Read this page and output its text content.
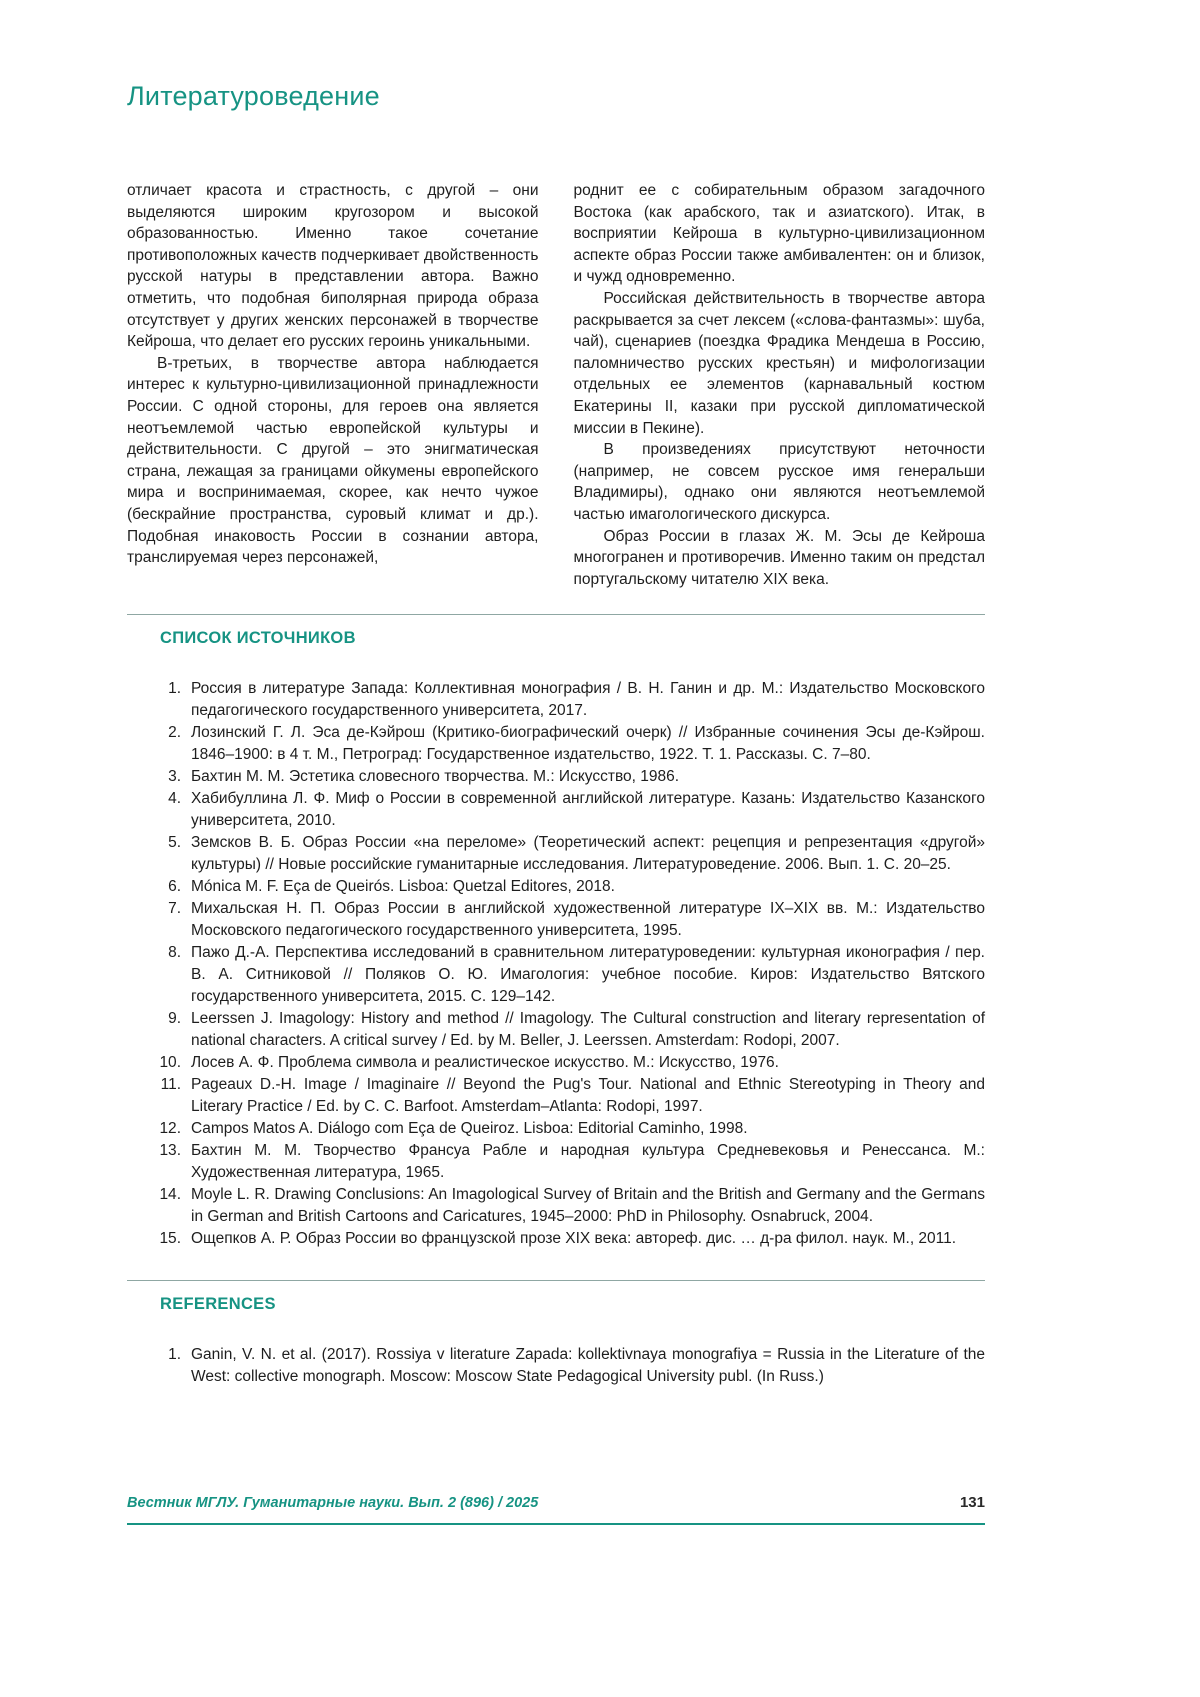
Литературоведение

отличает красота и страстность, с другой – они выделяются широким кругозором и высокой образованностью. Именно такое сочетание противоположных качеств подчеркивает двойственность русской натуры в представлении автора. Важно отметить, что подобная биполярная природа образа отсутствует у других женских персонажей в творчестве Кейроша, что делает его русских героинь уникальными.

В-третьих, в творчестве автора наблюдается интерес к культурно-цивилизационной принадлежности России. С одной стороны, для героев она является неотъемлемой частью европейской культуры и действительности. С другой – это энигматическая страна, лежащая за границами ойкумены европейского мира и воспринимаемая, скорее, как нечто чужое (бескрайние пространства, суровый климат и др.). Подобная инаковость России в сознании автора, транслируемая через персонажей,

роднит ее с собирательным образом загадочного Востока (как арабского, так и азиатского). Итак, в восприятии Кейроша в культурно-цивилизационном аспекте образ России также амбивалентен: он и близок, и чужд одновременно.

Российская действительность в творчестве автора раскрывается за счет лексем («слова-фантазмы»: шуба, чай), сценариев (поездка Фрадика Мендеша в Россию, паломничество русских крестьян) и мифологизации отдельных ее элементов (карнавальный костюм Екатерины II, казаки при русской дипломатической миссии в Пекине).

В произведениях присутствуют неточности (например, не совсем русское имя генеральши Владимиры), однако они являются неотъемлемой частью имагологического дискурса.

Образ России в глазах Ж. М. Эсы де Кейроша многогранен и противоречив. Именно таким он предстал португальскому читателю XIX века.

СПИСОК ИСТОЧНИКОВ
Россия в литературе Запада: Коллективная монография / В. Н. Ганин и др. М.: Издательство Московского педагогического государственного университета, 2017.
Лозинский Г. Л. Эса де-Кэйрош (Критико-биографический очерк) // Избранные сочинения Эсы де-Кэйрош. 1846–1900: в 4 т. М., Петроград: Государственное издательство, 1922. Т. 1. Рассказы. С. 7–80.
Бахтин М. М. Эстетика словесного творчества. М.: Искусство, 1986.
Хабибуллина Л. Ф. Миф о России в современной английской литературе. Казань: Издательство Казанского университета, 2010.
Земсков В. Б. Образ России «на переломе» (Теоретический аспект: рецепция и репрезентация «другой» культуры) // Новые российские гуманитарные исследования. Литературоведение. 2006. Вып. 1. С. 20–25.
Mónica M. F. Eça de Queirós. Lisboa: Quetzal Editores, 2018.
Михальская Н. П. Образ России в английской художественной литературе IX–XIX вв. М.: Издательство Московского педагогического государственного университета, 1995.
Пажо Д.-А. Перспектива исследований в сравнительном литературоведении: культурная иконография / пер. В. А. Ситниковой // Поляков О. Ю. Имагология: учебное пособие. Киров: Издательство Вятского государственного университета, 2015. С. 129–142.
Leerssen J. Imagology: History and method // Imagology. The Cultural construction and literary representation of national characters. A critical survey / Ed. by M. Beller, J. Leerssen. Amsterdam: Rodopi, 2007.
Лосев А. Ф. Проблема символа и реалистическое искусство. М.: Искусство, 1976.
Pageaux D.-H. Image / Imaginaire // Beyond the Pug's Tour. National and Ethnic Stereotyping in Theory and Literary Practice / Ed. by C. C. Barfoot. Amsterdam–Atlanta: Rodopi, 1997.
Campos Matos A. Diálogo com Eça de Queiroz. Lisboa: Editorial Caminho, 1998.
Бахтин М. М. Творчество Франсуа Рабле и народная культура Средневековья и Ренессанса. М.: Художественная литература, 1965.
Moyle L. R. Drawing Conclusions: An Imagological Survey of Britain and the British and Germany and the Germans in German and British Cartoons and Caricatures, 1945–2000: PhD in Philosophy. Osnabruck, 2004.
Ощепков А. Р. Образ России во французской прозе XIX века: автореф. дис. … д-ра филол. наук. М., 2011.
REFERENCES
Ganin, V. N. et al. (2017). Rossiya v literature Zapada: kollektivnaya monografiya = Russia in the Literature of the West: collective monograph. Moscow: Moscow State Pedagogical University publ. (In Russ.)
Вестник МГЛУ. Гуманитарные науки. Вып. 2 (896) / 2025	131
